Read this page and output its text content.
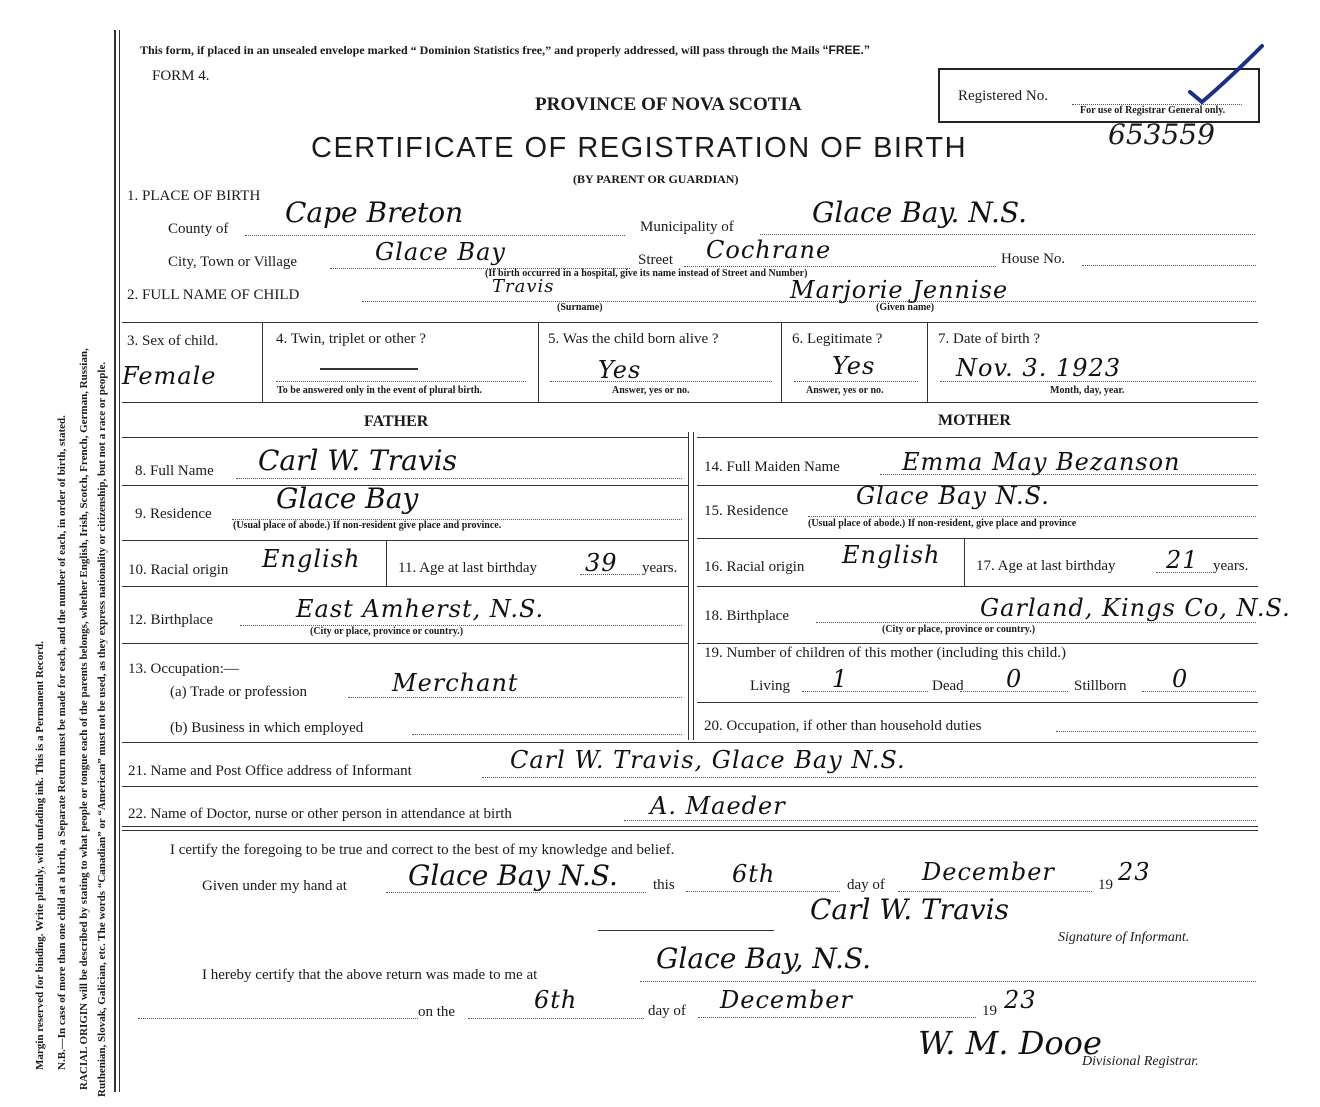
Margin reserved for binding. Write plainly, with unfading ink. This is a Permanent Record. N.B.—In case of more than one child at a birth, a Separate Return must be made for each, and the number of each, in order of birth, stated. RACIAL ORIGIN will be described by stating to what people or tongue each of the parents belongs, whether English, Irish, Scotch, French, German, Russian, Ruthenian, Slovak, Galician, etc. The words “Canadian” or “American” must not be used, as they express nationality or citizenship, but not a race or people.
This form, if placed in an unsealed envelope marked “ Dominion Statistics free,” and properly addressed, will pass through the Mails “FREE.”
FORM 4.
PROVINCE OF NOVA SCOTIA
CERTIFICATE OF REGISTRATION OF BIRTH
(BY PARENT OR GUARDIAN)
Registered No.
For use of Registrar General only.
653559
1. PLACE OF BIRTH
County of Cape Breton	Municipality of	Glace Bay. N.S.
City, Town or Village	Glace Bay	Street Cochrane	House No.
(If birth occurred in a hospital, give its name instead of Street and Number)
2. FULL NAME OF CHILD	Travis
(Surname)
Marjorie Jennise
(Given name)
3. Sex of child.
Female
4. Twin, triplet or other ?
To be answered only in the event of plural birth.
5. Was the child born alive ?
Yes
Answer, yes or no.
6. Legitimate ?
Yes
Answer, yes or no.
7. Date of birth ?
Nov. 3. 1923
Month, day, year.
FATHER	MOTHER
8. Full Name Carl W. Travis
9. Residence Glace Bay
(Usual place of abode.) If non-resident give place and province.
10. Racial origin English	11. Age at last birthday 39 years.
12. Birthplace	East Amherst, N.S.
(City or place, province or country.)
13. Occupation:—
(a) Trade or profession	Merchant
(b) Business in which employed
14. Full Maiden Name	Emma May Bezanson
15. Residence
Glace Bay N.S.
(Usual place of abode.) If non-resident, give place and province
16. Racial origin English 17. Age at last birthday 21 years.
18. Birthplace	Garland, Kings Co, N.S.
(City or place, province or country.)
19. Number of children of this mother (including this child.)
Living 1	Dead 0	Stillborn 0
20. Occupation, if other than household duties
21. Name and Post Office address of Informant	Carl W. Travis, Glace Bay N.S.
22. Name of Doctor, nurse or other person in attendance at birth	A. Maeder
I certify the foregoing to be true and correct to the best of my knowledge and belief.
Given under my hand at Glace Bay N.S. this 6th	day of December	19 23
Carl W. Travis
Signature of Informant.
I hereby certify that the above return was made to me at	Glace Bay, N.S.
on the	6th	day of December	19 23
W. M. Dooe
Divisional Registrar.
